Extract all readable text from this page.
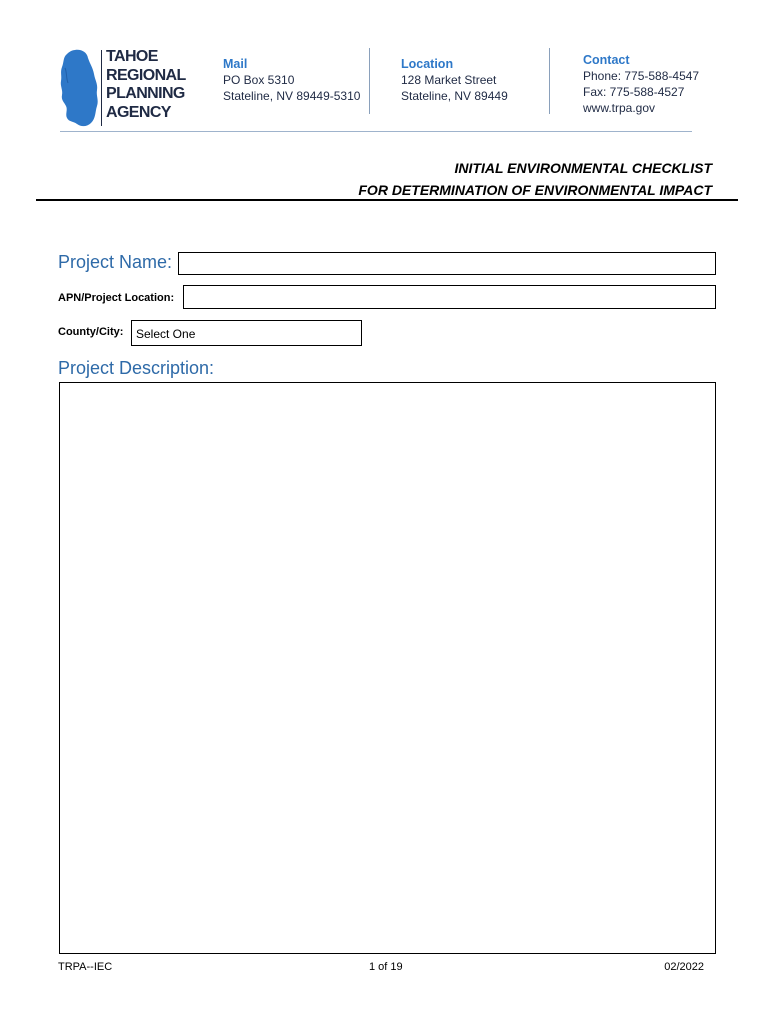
TAHOE
REGIONAL
PLANNING
AGENCY
Mail
PO Box 5310
Stateline, NV 89449-5310
Location
128 Market Street
Stateline, NV 89449
Contact
Phone: 775-588-4547
Fax: 775-588-4527
www.trpa.gov
INITIAL ENVIRONMENTAL CHECKLIST
FOR DETERMINATION OF ENVIRONMENTAL IMPACT
Project Name:
APN/Project Location:
County/City:	Select One
Project Description:
TRPA--IEC	1 of 19	02/2022
